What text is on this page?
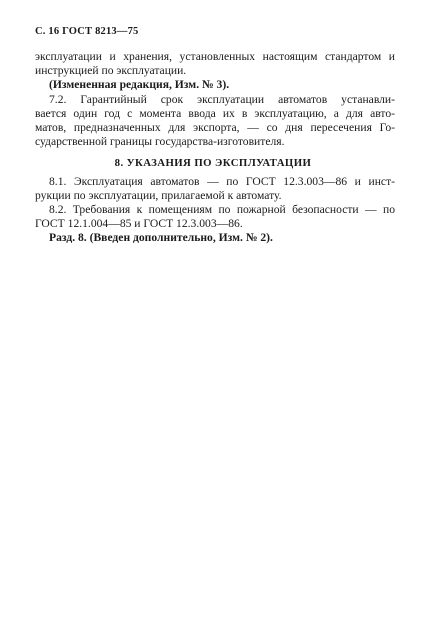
С. 16 ГОСТ 8213—75
эксплуатации и хранения, установленных настоящим стандартом и
инструкцией по эксплуатации.
(Измененная редакция, Изм. № 3).
7.2. Гарантийный срок эксплуатации автоматов устанавли-
вается один год с момента ввода их в эксплуатацию, а для авто-
матов, предназначенных для экспорта, — со дня пересечения Го-
сударственной границы государства-изготовителя.
8. УКАЗАНИЯ ПО ЭКСПЛУАТАЦИИ
8.1. Эксплуатация автоматов — по ГОСТ 12.3.003—86 и инст-
рукции по эксплуатации, прилагаемой к автомату.
8.2. Требования к помещениям по пожарной безопасности — по
ГОСТ 12.1.004—85 и ГОСТ 12.3.003—86.
Разд. 8. (Введен дополнительно, Изм. № 2).
